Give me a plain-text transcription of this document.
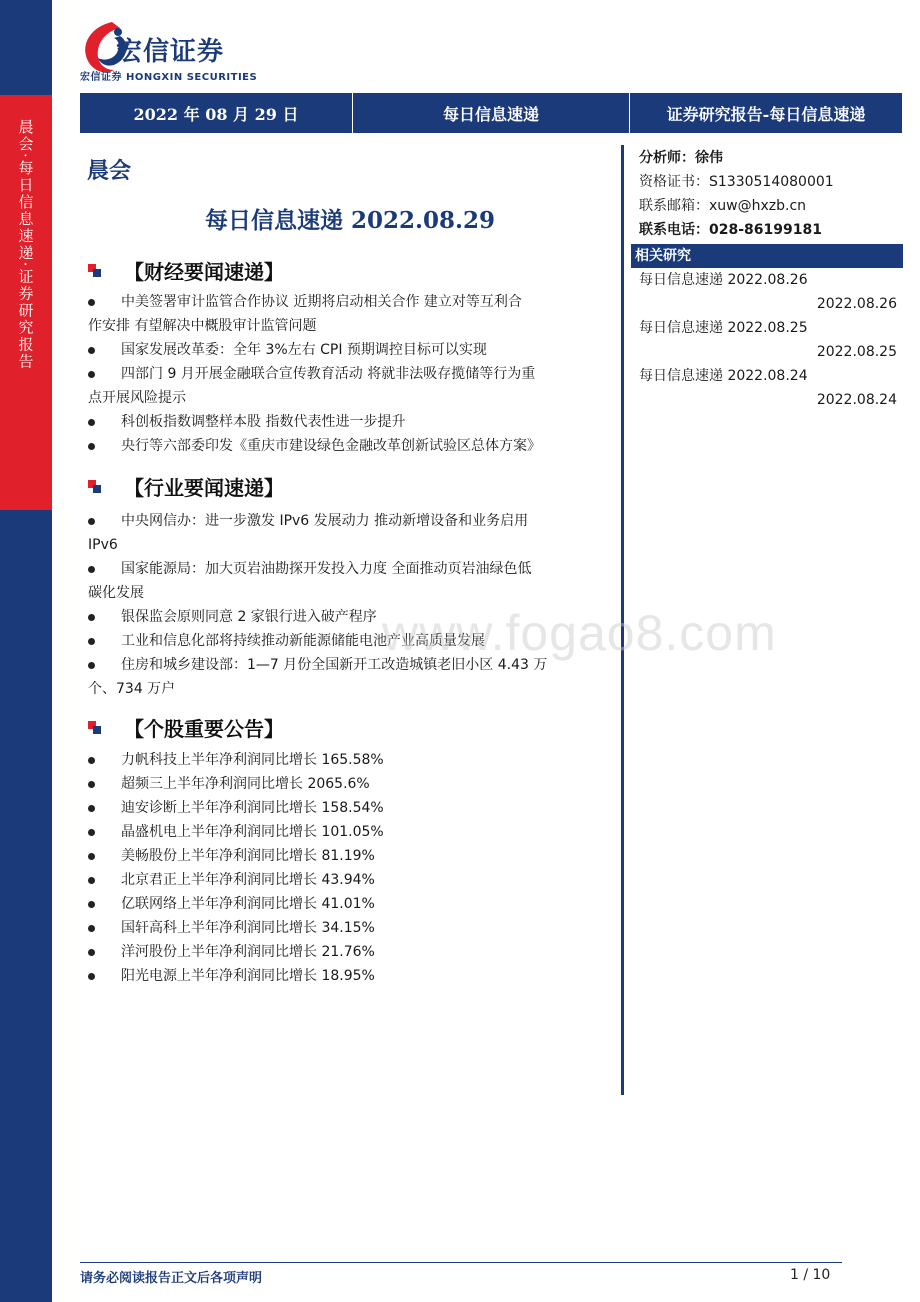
晨会·每日信息速递·证券研究报告
宏信证券
宏信证券 HONGXIN SECURITIES
2022 年 08 月 29 日	每日信息速递	证券研究报告-每日信息速递
晨会
每日信息速递 2022.08.29
【财经要闻速递】
中美签署审计监管合作协议 近期将启动相关合作 建立对等互利合
作安排 有望解决中概股审计监管问题
国家发展改革委：全年 3%左右 CPI 预期调控目标可以实现
四部门 9 月开展金融联合宣传教育活动 将就非法吸存揽储等行为重
点开展风险提示
科创板指数调整样本股 指数代表性进一步提升
央行等六部委印发《重庆市建设绿色金融改革创新试验区总体方案》
【行业要闻速递】
中央网信办：进一步激发 IPv6 发展动力 推动新增设备和业务启用
IPv6
国家能源局：加大页岩油勘探开发投入力度 全面推动页岩油绿色低
碳化发展
银保监会原则同意 2 家银行进入破产程序
工业和信息化部将持续推动新能源储能电池产业高质量发展
住房和城乡建设部：1—7 月份全国新开工改造城镇老旧小区 4.43 万
个、734 万户
【个股重要公告】
力帆科技上半年净利润同比增长 165.58%
超频三上半年净利润同比增长 2065.6%
迪安诊断上半年净利润同比增长 158.54%
晶盛机电上半年净利润同比增长 101.05%
美畅股份上半年净利润同比增长 81.19%
北京君正上半年净利润同比增长 43.94%
亿联网络上半年净利润同比增长 41.01%
国轩高科上半年净利润同比增长 34.15%
洋河股份上半年净利润同比增长 21.76%
阳光电源上半年净利润同比增长 18.95%
分析师：徐伟
资格证书：S1330514080001
联系邮箱：xuw@hxzb.cn
联系电话：028-86199181
相关研究
每日信息速递 2022.08.26
2022.08.26
每日信息速递 2022.08.25
2022.08.25
每日信息速递 2022.08.24
2022.08.24
www.fogao8.com
请务必阅读报告正文后各项声明	1 / 10
